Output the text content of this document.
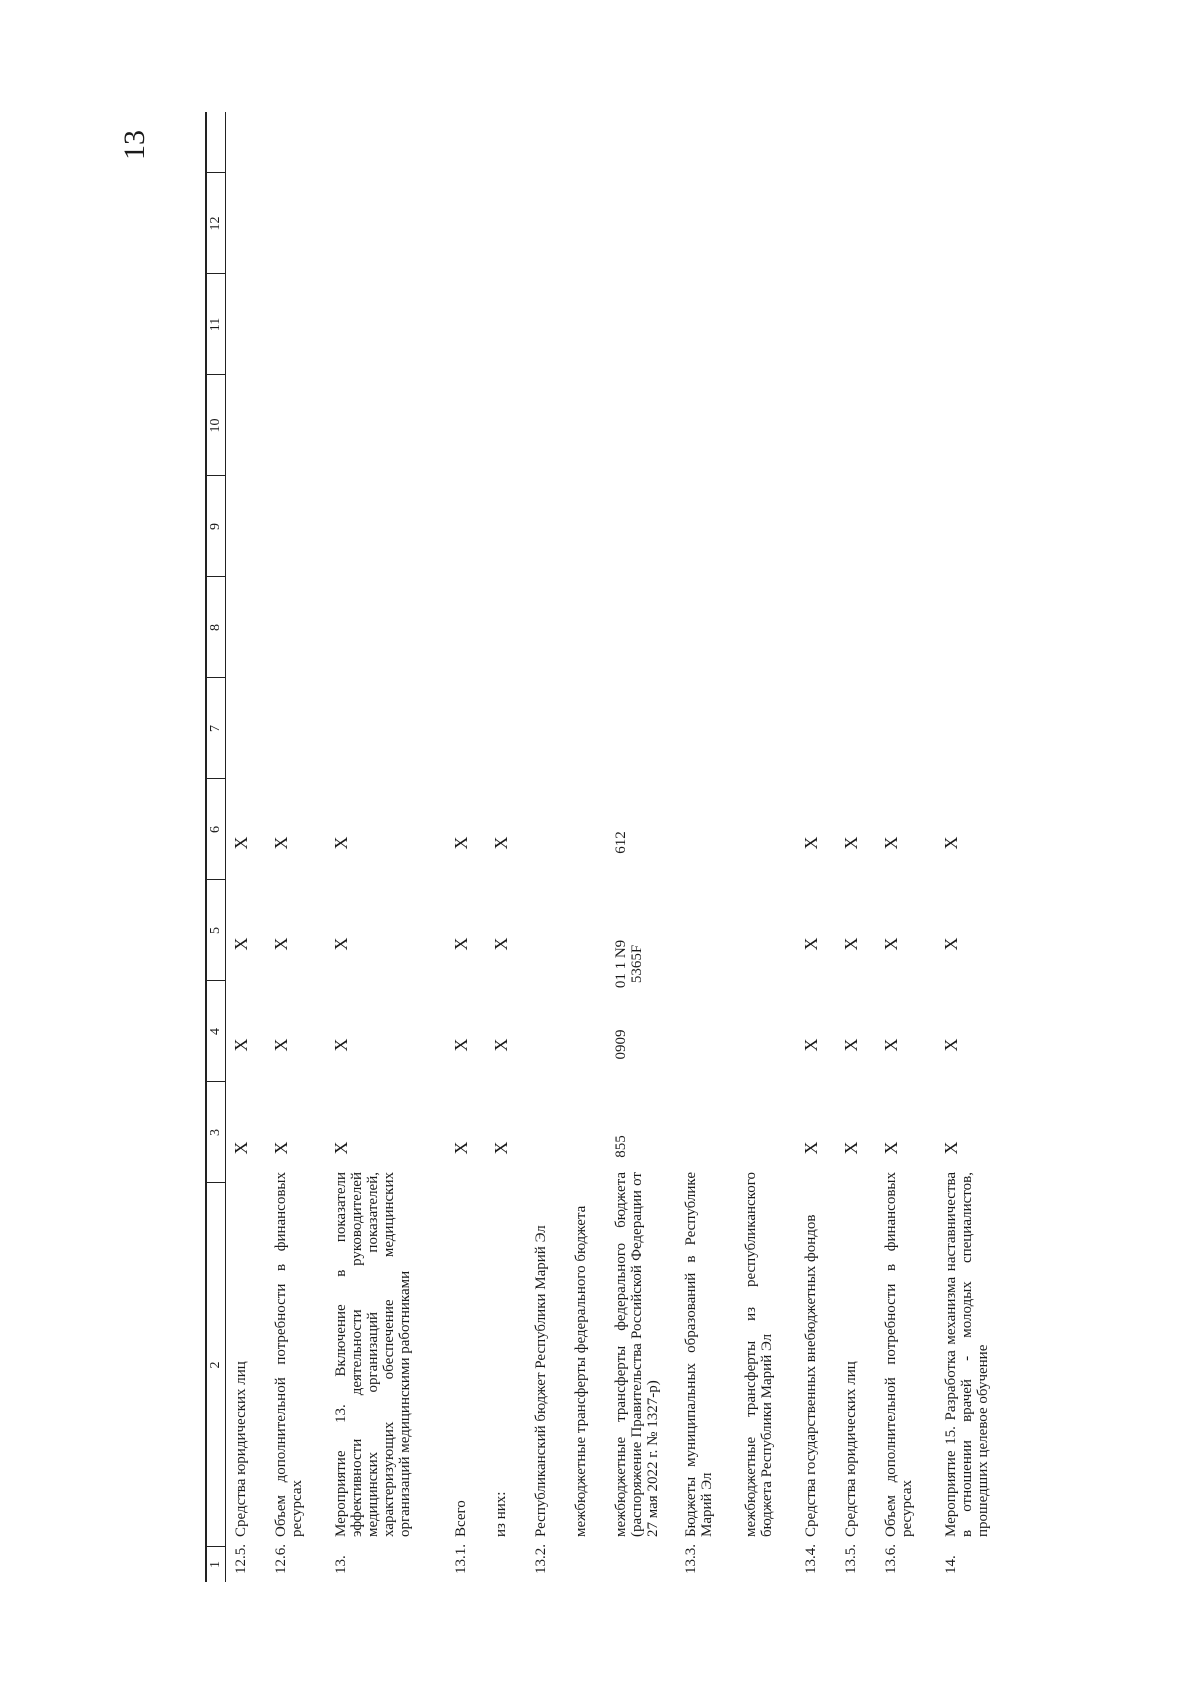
13
1
2
3
4
5
6
7
8
9
10
11
12
12.5.
Средства юридических лиц
X
X
X
X
12.6.
Объем дополнительной потребности в финансовых ресурсах
X
X
X
X
13.
Мероприятие 13. Включение в показатели эффективности деятельности руководителей медицинских организаций показателей, характеризующих обеспечение медицинских организаций медицинскими работниками
X
X
X
X
13.1.
Всего
X
X
X
X
из них:
X
X
X
X
13.2.
Республиканский бюджет Республики Марий Эл межбюджетные трансферты федерального бюджета межбюджетные трансферты федерального бюджета (распоряжение Правительства Российской Федерации от 27 мая 2022 г. № 1327-р)
855
0909
01 1 N9 5365F
612
13.3.
Бюджеты муниципальных образований в Республике Марий Эл межбюджетные трансферты из республиканского бюджета Республики Марий Эл
13.4.
Средства государственных внебюджетных фондов
X
X
X
X
13.5.
Средства юридических лиц
X
X
X
X
13.6.
Объем дополнительной потребности в финансовых ресурсах
X
X
X
X
14.
Мероприятие 15. Разработка механизма наставничества в отношении врачей - молодых специалистов, прошедших целевое обучение
X
X
X
X
